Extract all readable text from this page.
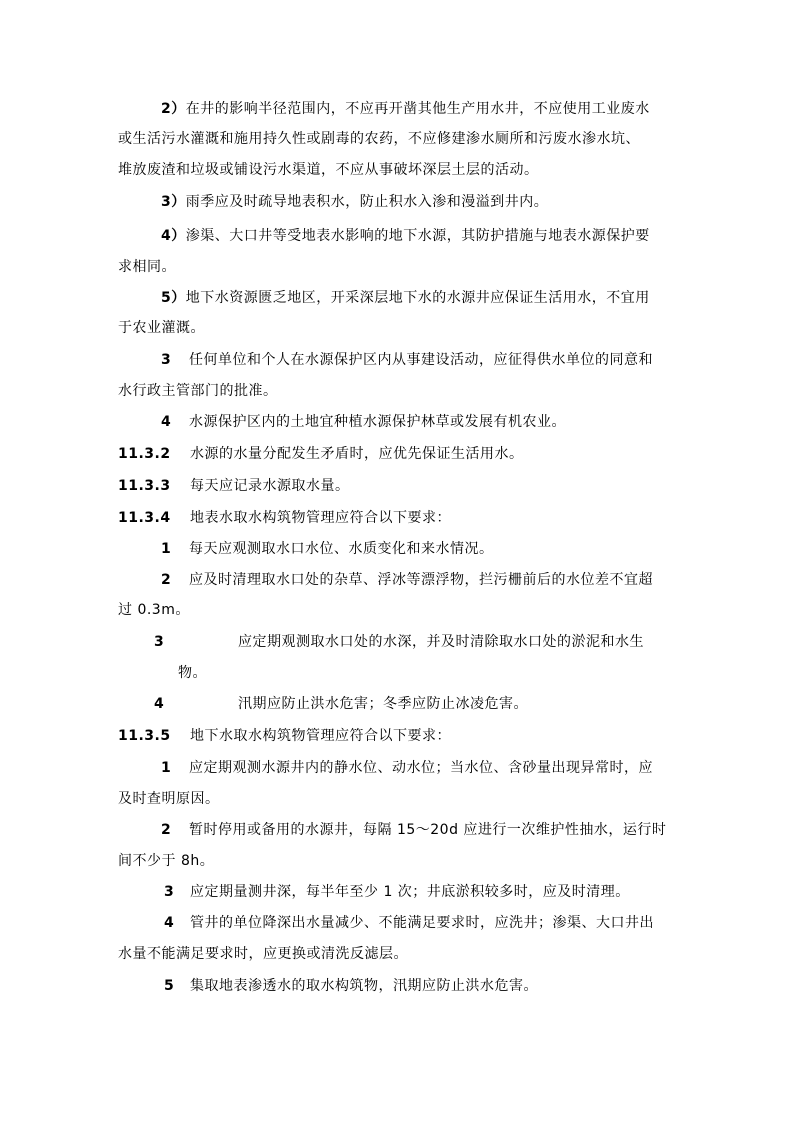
2）在井的影响半径范围内，不应再开凿其他生产用水井，不应使用工业废水
或生活污水灌溉和施用持久性或剧毒的农药，不应修建渗水厕所和污废水渗水坑、
堆放废渣和垃圾或铺设污水渠道，不应从事破坏深层土层的活动。
3）雨季应及时疏导地表积水，防止积水入渗和漫溢到井内。
4）渗渠、大口井等受地表水影响的地下水源，其防护措施与地表水源保护要
求相同。
5）地下水资源匮乏地区，开采深层地下水的水源井应保证生活用水，不宜用
于农业灌溉。
3 任何单位和个人在水源保护区内从事建设活动，应征得供水单位的同意和
水行政主管部门的批准。
4 水源保护区内的土地宜种植水源保护林草或发展有机农业。
11.3.2 水源的水量分配发生矛盾时，应优先保证生活用水。
11.3.3 每天应记录水源取水量。
11.3.4 地表水取水构筑物管理应符合以下要求：
1 每天应观测取水口水位、水质变化和来水情况。
2 应及时清理取水口处的杂草、浮冰等漂浮物，拦污栅前后的水位差不宜超
过 0.3m。
3	应定期观测取水口处的水深，并及时清除取水口处的淤泥和水生
物。
4	汛期应防止洪水危害；冬季应防止冰凌危害。
11.3.5 地下水取水构筑物管理应符合以下要求：
1 应定期观测水源井内的静水位、动水位；当水位、含砂量出现异常时，应
及时查明原因。
2 暂时停用或备用的水源井，每隔 15～20d 应进行一次维护性抽水，运行时
间不少于 8h。
3 应定期量测井深，每半年至少 1 次；井底淤积较多时，应及时清理。
4 管井的单位降深出水量减少、不能满足要求时，应洗井；渗渠、大口井出
水量不能满足要求时，应更换或清洗反滤层。
5 集取地表渗透水的取水构筑物，汛期应防止洪水危害。
